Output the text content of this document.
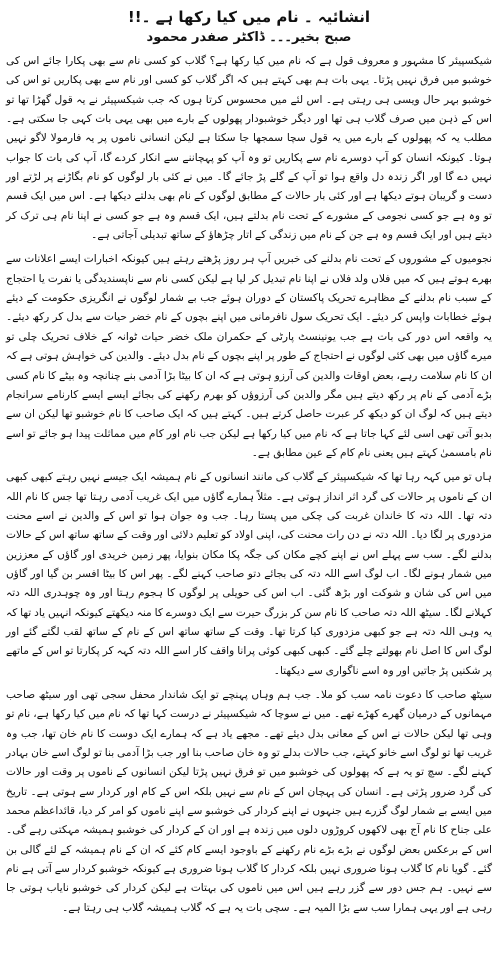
انشائیہ ۔ نام میں کیا رکھا ہے ۔!!
صبح بخیر۔۔۔ ڈاکٹر صفدر محمود

شیکسپیئر کا مشہور و معروف قول ہے کہ نام میں کیا رکھا ہے؟ گلاب کو کسی نام سے بھی پکارا جائے اس کی خوشبو میں فرق نہیں پڑتا۔ یہی بات ہم بھی کہتے ہیں کہ اگر گلاب کو کسی اور نام سے بھی پکاریں تو اس کی خوشبو بہر حال ویسی ہی رہتی ہے۔ اس لئے میں محسوس کرتا ہوں کہ جب شیکسپیئر نے یہ قول گھڑا تھا تو اس کے ذہن میں صرف گلاب ہی تھا اور دیگر خوشبودار پھولوں کے بارے میں بھی یہی بات کہی جا سکتی ہے۔ مطلب یہ کہ پھولوں کے بارے میں یہ قول سچا سمجھا جا سکتا ہے لیکن انسانی ناموں پر یہ فارمولا لاگو نہیں ہوتا۔ کیونکہ انسان کو آپ دوسرے نام سے پکاریں تو وہ آپ کو پہچاننے سے انکار کردے گا، آپ کی بات کا جواب نہیں دے گا اور اگر زندہ دل واقع ہوا تو آپ کے گلے پڑ جائے گا۔ میں نے کئی بار لوگوں کو نام بگاڑنے پر لڑتے اور دست و گریبان ہوتے دیکھا ہے اور کئی بار حالات کے مطابق لوگوں کے نام بھی بدلتے دیکھا ہے۔ اس میں ایک قسم تو وہ ہے جو کسی نجومی کے مشورے کے تحت نام بدلتے ہیں، ایک قسم وہ ہے جو کسی نے اپنا نام ہی ترک کر دیتے ہیں اور ایک قسم وہ ہے جن کے نام میں زندگی کے اتار چڑھاؤ کے ساتھ تبدیلی آجاتی ہے۔

نجومیوں کے مشوروں کے تحت نام بدلنے کی خبریں آپ ہر روز پڑھتے رہتے ہیں کیونکہ اخبارات ایسے اعلانات سے بھرے ہوتے ہیں کہ میں فلاں ولد فلاں نے اپنا نام تبدیل کر لیا ہے لیکن کسی نام سے ناپسندیدگی یا نفرت یا احتجاج کے سبب نام بدلنے کے مظاہرے تحریک پاکستان کے دوران ہوئے جب بے شمار لوگوں نے انگریزی حکومت کے دیئے ہوئے خطابات واپس کر دیئے۔ ایک تحریک سول نافرمانی میں اپنے بچوں کے نام خضر حیات سے بدل کر رکھ دیئے۔ یہ واقعہ اس دور کی بات ہے جب یونینسٹ پارٹی کے حکمران ملک خضر حیات ٹوانہ کے خلاف تحریک چلی تو میرے گاؤں میں بھی کئی لوگوں نے احتجاج کے طور پر اپنے بچوں کے نام بدل دیئے۔ والدین کی خواہش ہوتی ہے کہ ان کا نام سلامت رہے، بعض اوقات والدین کی آرزو ہوتی ہے کہ ان کا بیٹا بڑا آدمی بنے چنانچہ وہ بیٹے کا نام کسی بڑے آدمی کے نام پر رکھ دیتے ہیں مگر والدین کی آرزوؤں کو بھرم رکھنے کی بجائے ایسے ایسے کارنامے سرانجام دیتے ہیں کہ لوگ ان کو دیکھ کر عبرت حاصل کرتے ہیں۔ کہتے ہیں کہ ایک صاحب کا نام خوشبو تھا لیکن ان سے بدبو آتی تھی اسی لئے کہا جاتا ہے کہ نام میں کیا رکھا ہے لیکن جب نام اور کام میں مماثلت پیدا ہو جائے تو اسے نام بامسمیٰ کہتے ہیں یعنی نام کام کے عین مطابق ہے۔

ہاں تو میں کہہ رہا تھا کہ شیکسپیئر کے گلاب کی مانند انسانوں کے نام ہمیشہ ایک جیسے نہیں رہتے کبھی کبھی ان کے ناموں پر حالات کی گرد اثر انداز ہوتی ہے۔ مثلاً ہمارے گاؤں میں ایک غریب آدمی رہتا تھا جس کا نام اللہ دتہ تھا۔ اللہ دتہ کا خاندان غربت کی چکی میں پستا رہا۔ جب وہ جوان ہوا تو اس کے والدین نے اسے محنت مزدوری پر لگا دیا۔ اللہ دتہ نے دن رات محنت کی، اپنی اولاد کو تعلیم دلائی اور وقت کے ساتھ ساتھ اس کے حالات بدلنے لگے۔ سب سے پہلے اس نے اپنے کچے مکان کی جگہ پکا مکان بنوایا، پھر زمین خریدی اور گاؤں کے معززین میں شمار ہونے لگا۔ اب لوگ اسے اللہ دتہ کی بجائے دتو صاحب کہنے لگے۔ پھر اس کا بیٹا افسر بن گیا اور گاؤں میں اس کی شان و شوکت اور بڑھ گئی۔ اب اس کی حویلی پر لوگوں کا ہجوم رہتا اور وہ چوہدری اللہ دتہ کہلانے لگا۔ سیٹھ اللہ دتہ صاحب کا نام سن کر بزرگ حیرت سے ایک دوسرے کا منہ دیکھتے کیونکہ انہیں یاد تھا کہ یہ وہی اللہ دتہ ہے جو کبھی مزدوری کیا کرتا تھا۔ وقت کے ساتھ ساتھ اس کے نام کے ساتھ لقب لگتے گئے اور لوگ اس کا اصل نام بھولتے چلے گئے۔ کبھی کبھی کوئی پرانا واقف کار اسے اللہ دتہ کہہ کر پکارتا تو اس کے ماتھے پر شکنیں پڑ جاتیں اور وہ اسے ناگواری سے دیکھتا۔

سیٹھ صاحب کا دعوت نامہ سب کو ملا۔ جب ہم وہاں پہنچے تو ایک شاندار محفل سجی تھی اور سیٹھ صاحب مہمانوں کے درمیان گھرے کھڑے تھے۔ میں نے سوچا کہ شیکسپیئر نے درست کہا تھا کہ نام میں کیا رکھا ہے، نام تو وہی تھا لیکن حالات نے اس کے معانی بدل دیئے تھے۔ مجھے یاد ہے کہ ہمارے ایک دوست کا نام خان تھا، جب وہ غریب تھا تو لوگ اسے خانو کہتے، جب حالات بدلے تو وہ خان صاحب بنا اور جب بڑا آدمی بنا تو لوگ اسے خان بہادر کہنے لگے۔ سچ تو یہ ہے کہ پھولوں کی خوشبو میں تو فرق نہیں پڑتا لیکن انسانوں کے ناموں پر وقت اور حالات کی گرد ضرور پڑتی ہے۔ انسان کی پہچان اس کے نام سے نہیں بلکہ اس کے کام اور کردار سے ہوتی ہے۔ تاریخ میں ایسے بے شمار لوگ گزرے ہیں جنہوں نے اپنے کردار کی خوشبو سے اپنے ناموں کو امر کر دیا، قائداعظم محمد علی جناح کا نام آج بھی لاکھوں کروڑوں دلوں میں زندہ ہے اور ان کے کردار کی خوشبو ہمیشہ مہکتی رہے گی۔ اس کے برعکس بعض لوگوں نے بڑے بڑے نام رکھنے کے باوجود ایسے کام کئے کہ ان کے نام ہمیشہ کے لئے گالی بن گئے۔ گویا نام کا گلاب ہونا ضروری نہیں بلکہ کردار کا گلاب ہونا ضروری ہے کیونکہ خوشبو کردار سے آتی ہے نام سے نہیں۔ ہم جس دور سے گزر رہے ہیں اس میں ناموں کی بہتات ہے لیکن کردار کی خوشبو نایاب ہوتی جا رہی ہے اور یہی ہمارا سب سے بڑا المیہ ہے۔ سچی بات یہ ہے کہ گلاب ہمیشہ گلاب ہی رہتا ہے۔
